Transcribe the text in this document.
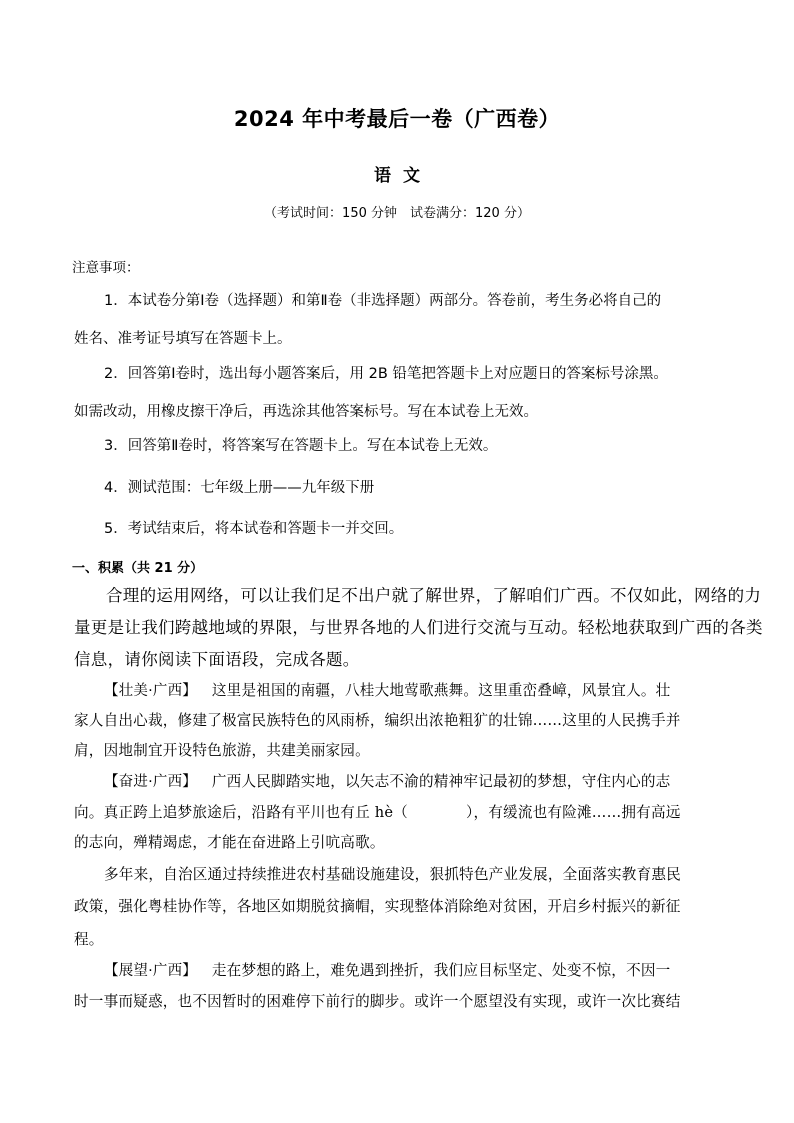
2024 年中考最后一卷（广西卷）
语文
（考试时间：150 分钟　试卷满分：120 分）
注意事项：
1．本试卷分第Ⅰ卷（选择题）和第Ⅱ卷（非选择题）两部分。答卷前，考生务必将自己的
姓名、准考证号填写在答题卡上。
2．回答第Ⅰ卷时，选出每小题答案后，用 2B 铅笔把答题卡上对应题日的答案标号涂黑。
如需改动，用橡皮擦干净后，再选涂其他答案标号。写在本试卷上无效。
3．回答第Ⅱ卷时，将答案写在答题卡上。写在本试卷上无效。
4．测试范围：七年级上册——九年级下册
5．考试结束后，将本试卷和答题卡一并交回。
一、积累（共 21 分）
合理的运用网络，可以让我们足不出户就了解世界，了解咱们广西。不仅如此，网络的力
量更是让我们跨越地域的界限，与世界各地的人们进行交流与互动。轻松地获取到广西的各类
信息，请你阅读下面语段，完成各题。
【壮美·广西】 这里是祖国的南疆，八桂大地莺歌燕舞。这里重峦叠嶂，风景宜人。壮
家人自出心裁，修建了极富民族特色的风雨桥，编织出浓艳粗犷的壮锦……这里的人民携手并
肩，因地制宜开设特色旅游，共建美丽家园。
【奋进·广西】 广西人民脚踏实地，以矢志不渝的精神牢记最初的梦想，守住内心的志
向。真正跨上追梦旅途后，沿路有平川也有丘 hè（	），有缓流也有险滩……拥有高远
的志向，殚精竭虑，才能在奋进路上引吭高歌。
多年来，自治区通过持续推进农村基础设施建设，狠抓特色产业发展，全面落实教育惠民
政策，强化粤桂协作等，各地区如期脱贫摘帽，实现整体消除绝对贫困，开启乡村振兴的新征
程。
【展望·广西】 走在梦想的路上，难免遇到挫折，我们应目标坚定、处变不惊，不因一
时一事而疑惑，也不因暂时的困难停下前行的脚步。或许一个愿望没有实现，或许一次比赛结
